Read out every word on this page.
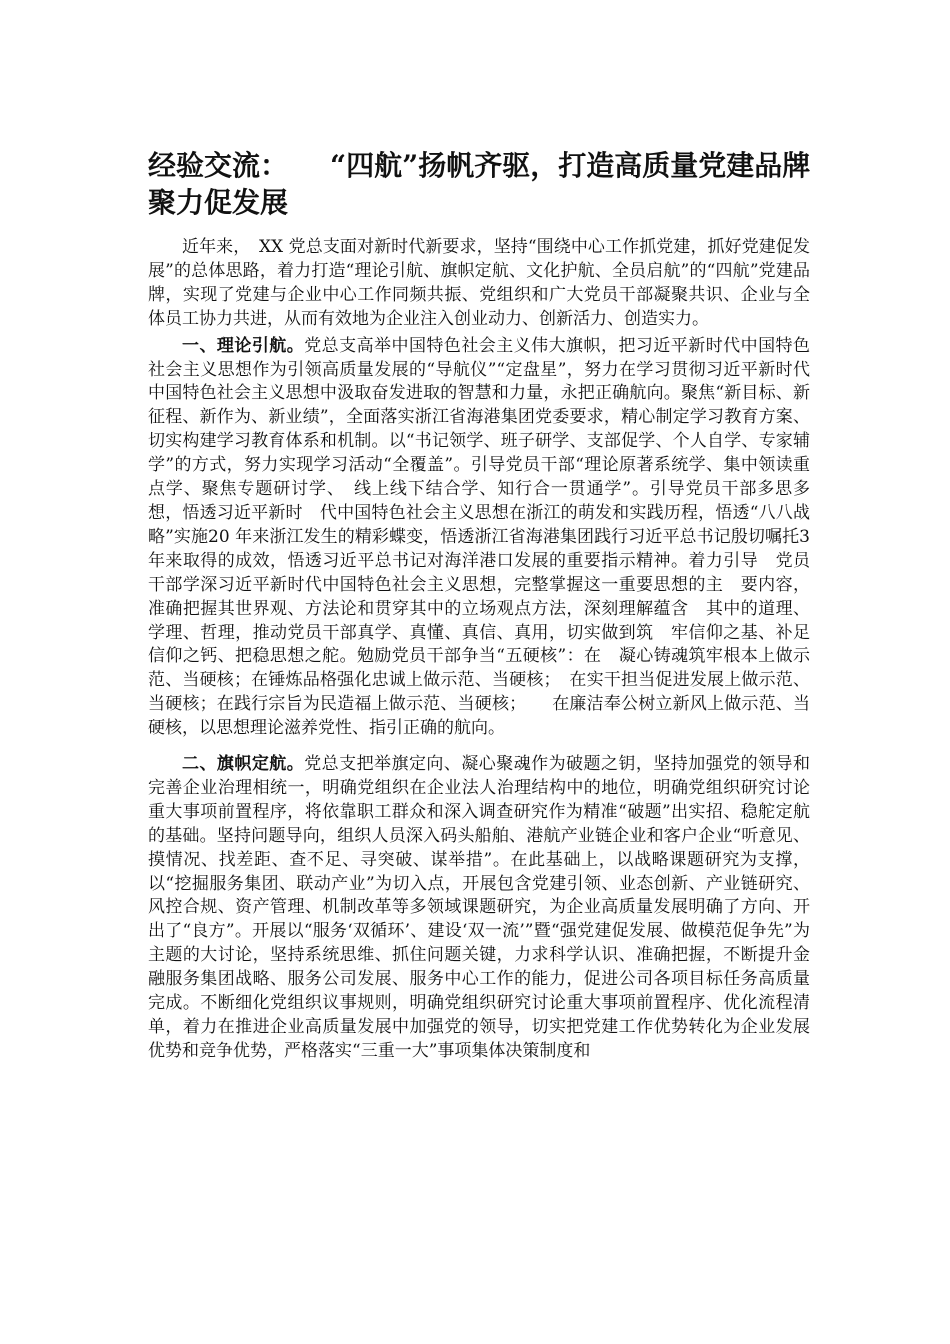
经验交流：　　“四航”扬帆齐驱，打造高质量党建品牌聚力促发展

近年来，　XX 党总支面对新时代新要求，坚持“围绕中心工作抓党建，抓好党建促发展”的总体思路，着力打造“理论引航、旗帜定航、文化护航、全员启航”的“四航”党建品牌，实现了党建与企业中心工作同频共振、党组织和广大党员干部凝聚共识、企业与全体员工协力共进，从而有效地为企业注入创业动力、创新活力、创造实力。

一、理论引航。党总支高举中国特色社会主义伟大旗帜，把习近平新时代中国特色社会主义思想作为引领高质量发展的“导航仪”“定盘星”，努力在学习贯彻习近平新时代中国特色社会主义思想中汲取奋发进取的智慧和力量，永把正确航向。聚焦“新目标、新征程、新作为、新业绩”，全面落实浙江省海港集团党委要求，精心制定学习教育方案、切实构建学习教育体系和机制。以“书记领学、班子研学、支部促学、个人自学、专家辅学”的方式，努力实现学习活动“全覆盖”。引导党员干部“理论原著系统学、集中领读重点学、聚焦专题研讨学、　线上线下结合学、知行合一贯通学”。引导党员干部多思多想，悟透习近平新时　代中国特色社会主义思想在浙江的萌发和实践历程，悟透“八八战略”实施20 年来浙江发生的精彩蝶变，悟透浙江省海港集团践行习近平总书记殷切嘱托3 年来取得的成效，悟透习近平总书记对海洋港口发展的重要指示精神。着力引导　党员干部学深习近平新时代中国特色社会主义思想，完整掌握这一重要思想的主　要内容，准确把握其世界观、方法论和贯穿其中的立场观点方法，深刻理解蕴含　其中的道理、学理、哲理，推动党员干部真学、真懂、真信、真用，切实做到筑　牢信仰之基、补足信仰之钙、把稳思想之舵。勉励党员干部争当“五硬核”：在　凝心铸魂筑牢根本上做示范、当硬核；在锤炼品格强化忠诚上做示范、当硬核；　在实干担当促进发展上做示范、当硬核；在践行宗旨为民造福上做示范、当硬核；　　在廉洁奉公树立新风上做示范、当硬核，以思想理论滋养党性、指引正确的航向。

二、旗帜定航。党总支把举旗定向、凝心聚魂作为破题之钥，坚持加强党的领导和完善企业治理相统一，明确党组织在企业法人治理结构中的地位，明确党组织研究讨论重大事项前置程序，将依靠职工群众和深入调查研究作为精准“破题”出实招、稳舵定航的基础。坚持问题导向，组织人员深入码头船舶、港航产业链企业和客户企业“听意见、摸情况、找差距、查不足、寻突破、谋举措”。在此基础上，以战略课题研究为支撑，以“挖掘服务集团、联动产业”为切入点，开展包含党建引领、业态创新、产业链研究、风控合规、资产管理、机制改革等多领域课题研究，为企业高质量发展明确了方向、开出了“良方”。开展以“服务‘双循环’、建设‘双一流’”暨“强党建促发展、做模范促争先”为主题的大讨论，坚持系统思维、抓住问题关键，力求科学认识、准确把握，不断提升金融服务集团战略、服务公司发展、服务中心工作的能力，促进公司各项目标任务高质量完成。不断细化党组织议事规则，明确党组织研究讨论重大事项前置程序、优化流程清单，着力在推进企业高质量发展中加强党的领导，切实把党建工作优势转化为企业发展优势和竞争优势，严格落实“三重一大”事项集体决策制度和
